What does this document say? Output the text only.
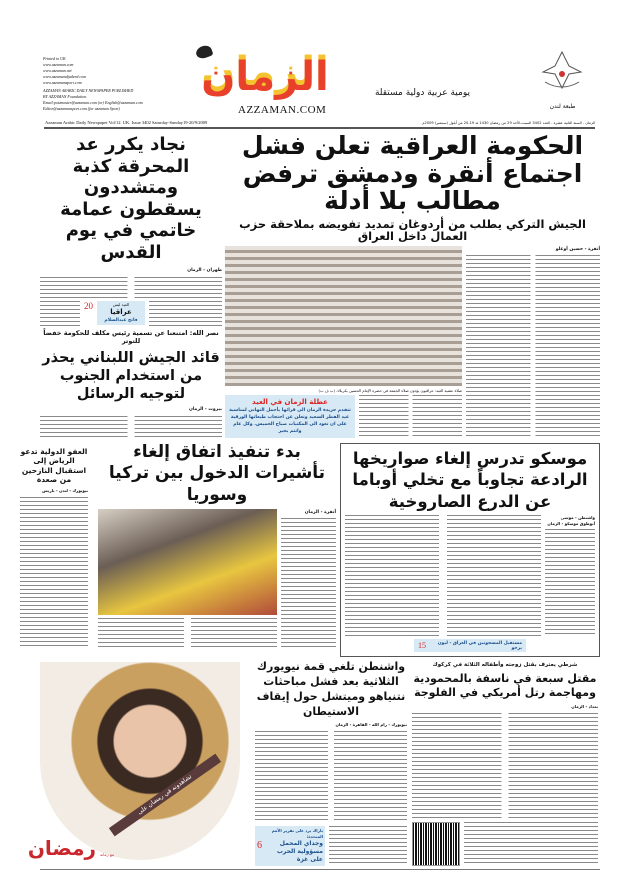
Printed in UK
www.azzaman.com
www.azzaman.net
www.azzamandjadeed.com
www.azzamansport.com
AZZAMAN ARABIC DAILY NEWSPAPER PUBLISHED
BY AZZAMAN Foundation.
Email:postmaster@azzaman.com (or) English@azzaman.com
Editor@azzamansport.com (for azzaman Sport)
الزمان	يومية عربية دولية مستقلة
AZZAMAN.COM	طبعة لندن
Azzaman Arabic Daily Newspaper Vol/12. UK. Issue 3402 Saturday-Sunday19-20/9/2009	الزمان - السنة الثانية عشرة - العدد 3402 السبت-الأحد 29 من رمضان 1430 هـ 19-20 من أيلول (سبتمبر) 2009م
الحكومة العراقية تعلن فشل اجتماع أنقرة ودمشق ترفض مطالب بلا أدلة
الجيش التركي يطلب من أردوغان تمديد تفويضه بملاحقة حزب العمال داخل العراق
أنقرة - حسين أوغلو
صلاة عشية العيد: عراقيون يؤدون صلاة الجمعة في حضرة الإمام الحسين بكربلاء. (ب ف ب)
عطلة الزمان في العيد
تتقدم جريدة الزمان الى قرائها بأجمل التهاني لمناسبة عيد الفطر السعيد وتعلن عن احتجاب طبعاتها الورقية على ان تعود الى المكتبات صباح الخميس. وكل عام وانتم بخير
نجاد يكرر عد المحرقة كذبة ومتشددون يسقطون عمامة خاتمي في يوم القدس
طهران - الزمان
العيد ليس
عراقيا
فاتح عبدالسلام
20
نصر الله: امتنعنا عن تسمية رئيس مكلف للحكومة خفضاً للتوتر
قائد الجيش اللبناني يحذر من استخدام الجنوب لتوجيه الرسائل
بيروت - الزمان
العفو الدولية تدعو الرياض إلى استقبال النازحين من صعدة
نيويورك - لندن - باريس
بدء تنفيذ اتفاق إلغاء تأشيرات الدخول بين تركيا وسوريا
أنقرة - الزمان
موسكو تدرس إلغاء صواريخها الرادعة تجاوباً مع تخلي أوباما عن الدرع الصاروخية
واشنطن - موسى أبوطوق موسكو - الزمان
مستقبل المسجونين في العراق - ليون برخو
15
تشاهدونه في رمضان على
رمضان مع زمانه
واشنطن تلغي قمة نيويورك الثلاثية بعد فشل مباحثات نتنياهو وميتشل حول إيقاف الاستيطان
نيويورك - رام الله - القاهرة - الزمان
باراك يرد على تقرير الأمم المتحدة:
وجداي المحمل مسؤولية الحرب على غزة
6
شرطي يعترف بقتل زوجته وأطفاله الثلاثة في كركوك
مقتل سبعة في ناسفة بالمحمودية ومهاجمة رتل أمريكي في الفلوجة
بغداد - الزمان
